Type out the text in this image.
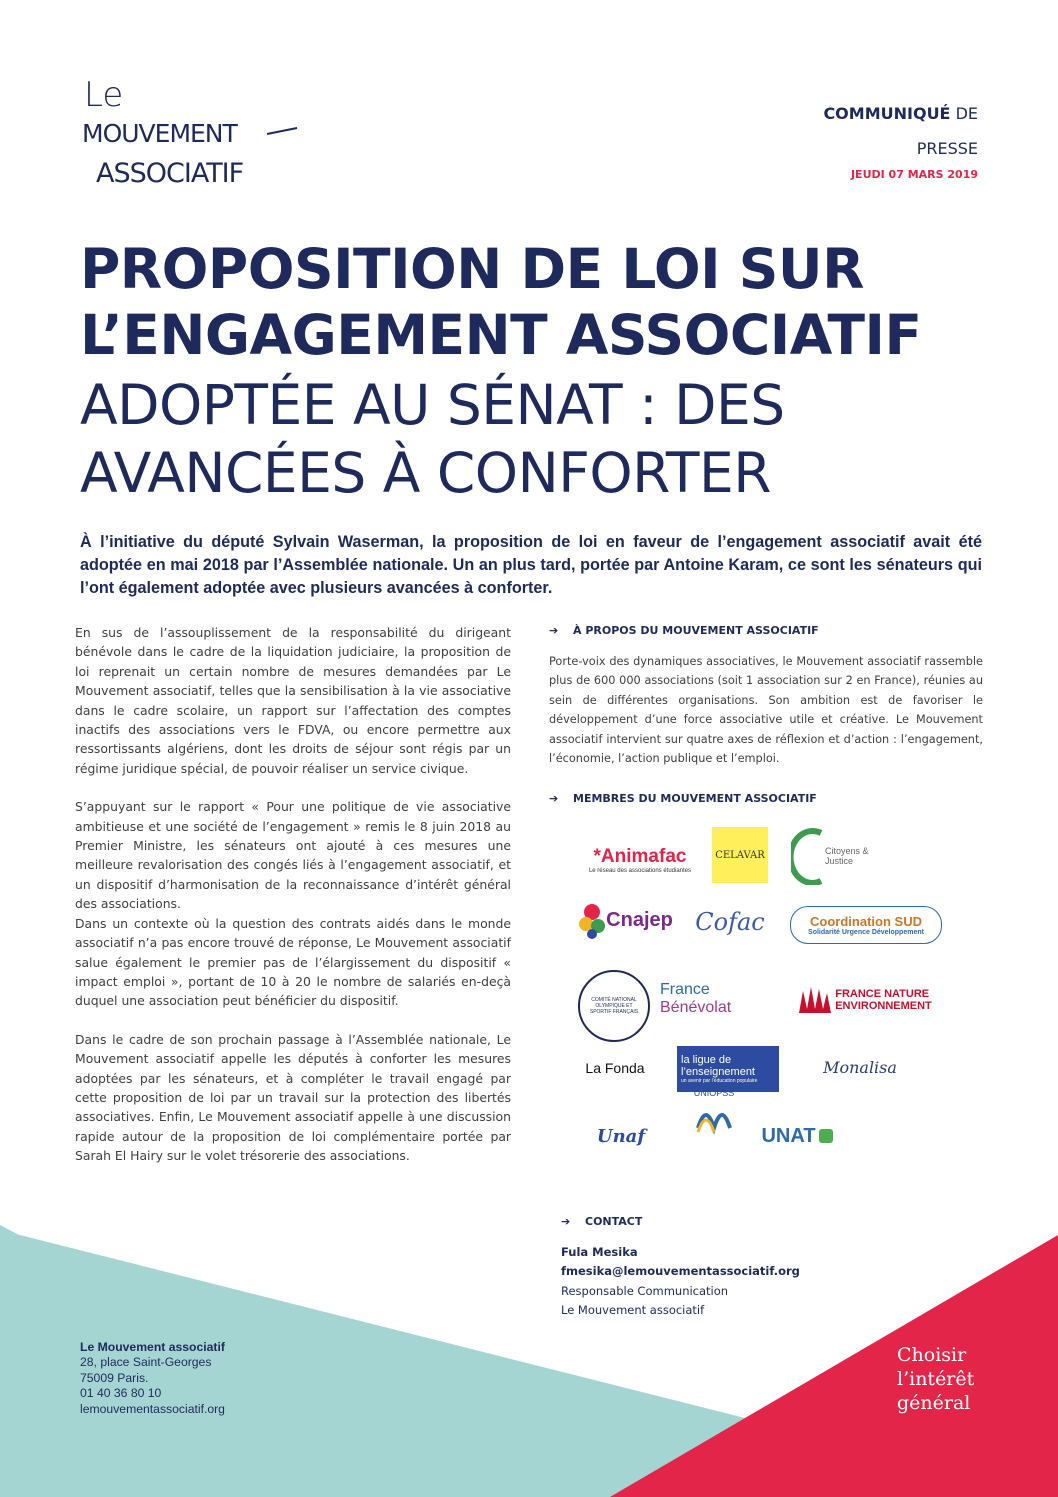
Le
MOUVEMENT
ASSOCIATIF
COMMUNIQUÉ DE
PRESSE
JEUDI 07 MARS 2019
PROPOSITION DE LOI SUR
L’ENGAGEMENT ASSOCIATIF
ADOPTÉE AU SÉNAT : DES
AVANCÉES À CONFORTER
À l’initiative du député Sylvain Waserman, la proposition de loi en faveur de l’engagement associatif avait été adoptée en mai 2018 par l’Assemblée nationale. Un an plus tard, portée par Antoine Karam, ce sont les sénateurs qui l’ont également adoptée avec plusieurs avancées à conforter.

En sus de l’assouplissement de la responsabilité du dirigeant bénévole dans le cadre de la liquidation judiciaire, la proposition de loi reprenait un certain nombre de mesures demandées par Le Mouvement associatif, telles que la sensibilisation à la vie associative dans le cadre scolaire, un rapport sur l’affectation des comptes inactifs des associations vers le FDVA, ou encore permettre aux ressortissants algériens, dont les droits de séjour sont régis par un régime juridique spécial, de pouvoir réaliser un service civique.

S’appuyant sur le rapport « Pour une politique de vie associative ambitieuse et une société de l’engagement » remis le 8 juin 2018 au Premier Ministre, les sénateurs ont ajouté à ces mesures une meilleure revalorisation des congés liés à l’engagement associatif, et un dispositif d’harmonisation de la reconnaissance d’intérêt général des associations.

Dans un contexte où la question des contrats aidés dans le monde associatif n’a pas encore trouvé de réponse, Le Mouvement associatif salue également le premier pas de l’élargissement du dispositif « impact emploi », portant de 10 à 20 le nombre de salariés en-deçà duquel une association peut bénéficier du dispositif.

Dans le cadre de son prochain passage à l’Assemblée nationale, Le Mouvement associatif appelle les députés à conforter les mesures adoptées par les sénateurs, et à compléter le travail engagé par cette proposition de loi par un travail sur la protection des libertés associatives. Enfin, Le Mouvement associatif appelle à une discussion rapide autour de la proposition de loi complémentaire portée par Sarah El Hairy sur le volet trésorerie des associations.

➔ À PROPOS DU MOUVEMENT ASSOCIATIF
Porte-voix des dynamiques associatives, le Mouvement associatif rassemble plus de 600 000 associations (soit 1 association sur 2 en France), réunies au sein de différentes organisations. Son ambition est de favoriser le développement d’une force associative utile et créative. Le Mouvement associatif intervient sur quatre axes de réflexion et d’action : l’engagement, l’économie, l’action publique et l’emploi.
➔ MEMBRES DU MOUVEMENT ASSOCIATIF
*Animafac
Le réseau des associations étudiantes
CELAVAR	Citoyens & Justice
Cnajep Cofac	Coordination SUD
Solidarité Urgence Développement
COMITÉ NATIONAL OLYMPIQUE ET SPORTIF FRANÇAIS
France
Bénévolat
FRANCE NATURE
ENVIRONNEMENT
La Fonda	la ligue de
l’enseignement
un avenir par l’éducation populaire
Monalisa
Unaf
UNIOPSS
UNAT
➔ CONTACT
Fula Mesika
fmesika@lemouvementassociatif.org
Responsable Communication
Le Mouvement associatif
Le Mouvement associatif
28, place Saint-Georges
75009 Paris.
01 40 36 80 10
lemouvementassociatif.org
Choisir
l’intérêt
général
